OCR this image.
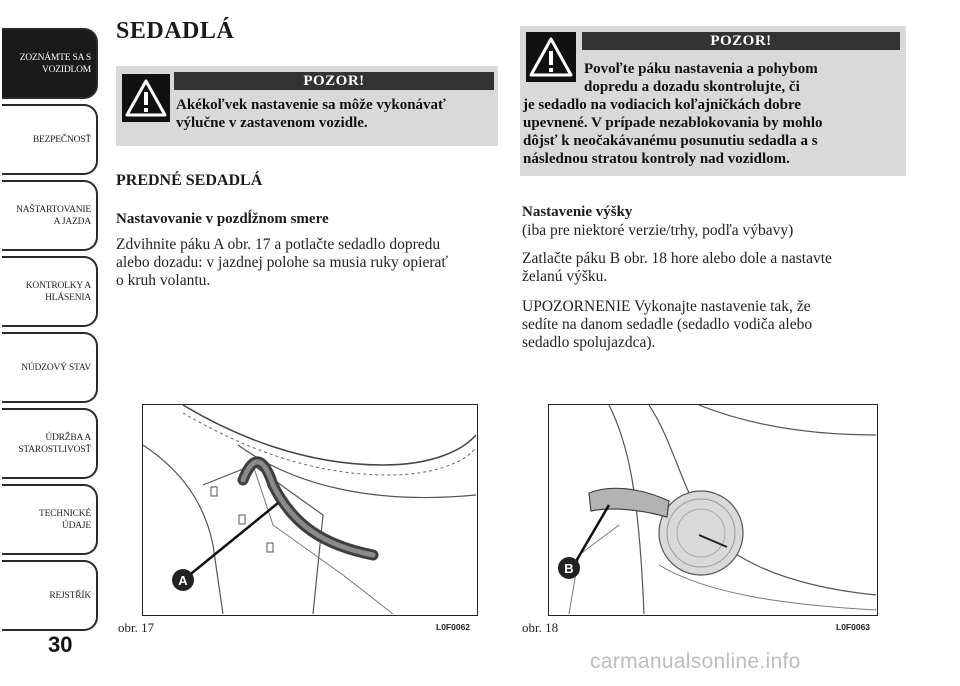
ZOZNÁMTE SA S
VOZIDLOM
BEZPEČNOSŤ
NAŠTARTOVANIE
A JAZDA
KONTROLKY A
HLÁSENIA
NÚDZOVÝ STAV
ÚDRŽBA A
STAROSTLIVOSŤ
TECHNICKÉ
ÚDAJE
REJSTŘÍK
30
SEDADLÁ
POZOR!
Akékoľvek nastavenie sa môže vykonávať
výlučne v zastavenom vozidle.
PREDNÉ SEDADLÁ
Nastavovanie v pozdĺžnom smere
Zdvihnite páku A obr. 17 a potlačte sedadlo dopredu
alebo dozadu: v jazdnej polohe sa musia ruky opierať
o kruh volantu.
POZOR!
Povoľte páku nastavenia a pohybom
dopredu a dozadu skontrolujte, či
je sedadlo na vodiacich koľajničkách dobre
upevnené. V prípade nezablokovania by mohlo
dôjsť k neočakávanému posunutiu sedadla a s
následnou stratou kontroly nad vozidlom.
Nastavenie výšky
(iba pre niektoré verzie/trhy, podľa výbavy)
Zatlačte páku B obr. 18 hore alebo dole a nastavte
želanú výšku.
UPOZORNENIE Vykonajte nastavenie tak, že
sedíte na danom sedadle (sedadlo vodiča alebo
sedadlo spolujazdca).
A
obr. 17	L0F0062
B
obr. 18	L0F0063
carmanualsonline.info
